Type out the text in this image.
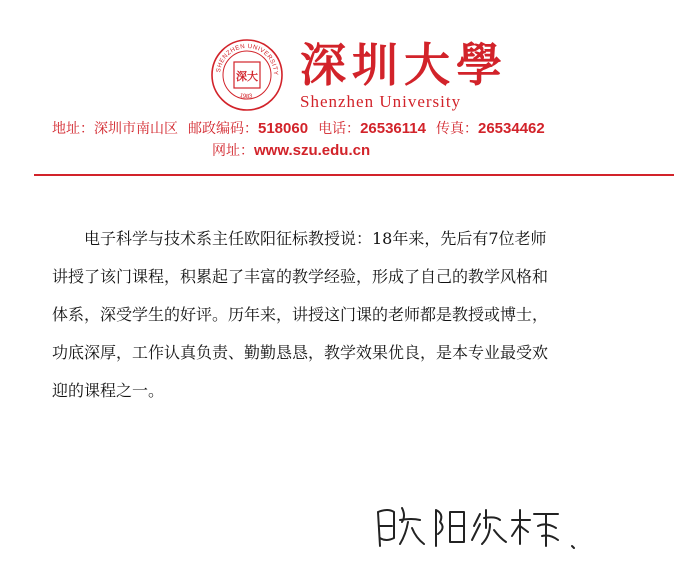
SHENZHEN UNIVERSITY
1983
深大 深圳大學
Shenzhen University
地址：深圳市南山区 邮政编码：518060 电话：26536114 传真：26534462
网址：www.szu.edu.cn

　　电子科学与技术系主任欧阳征标教授说：18年来，先后有7位老师
讲授了该门课程，积累起了丰富的教学经验，形成了自己的教学风格和
体系，深受学生的好评。历年来，讲授这门课的老师都是教授或博士，
功底深厚，工作认真负责、勤勤恳恳，教学效果优良，是本专业最受欢
迎的课程之一。
